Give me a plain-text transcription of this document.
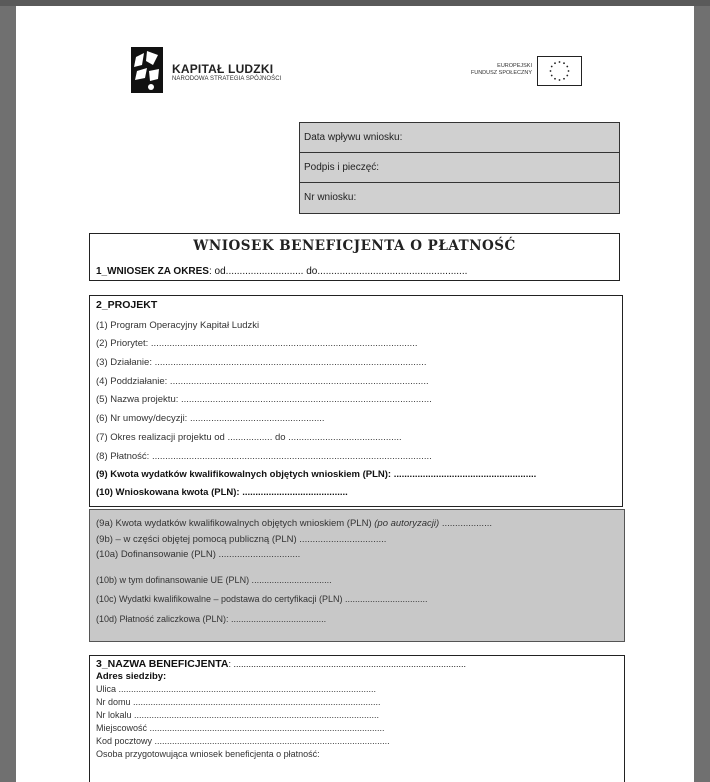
KAPITAŁ LUDZKI
NARODOWA STRATEGIA SPÓJNOŚCI
EUROPEJSKI
FUNDUSZ SPOŁECZNY
Data wpływu wniosku:
Podpis i pieczęć:
Nr wniosku:
WNIOSEK BENEFICJENTA O PŁATNOŚĆ
1_WNIOSEK ZA OKRES: od............................ do......................................................
2_PROJEKT
(1) Program Operacyjny Kapitał Ludzki
(2) Priorytet: .....................................................................................................
(3) Działanie: .......................................................................................................
(4) Poddziałanie: ..................................................................................................
(5) Nazwa projektu: ...............................................................................................
(6) Nr umowy/decyzji: ...................................................
(7) Okres realizacji projektu od ................. do ...........................................
(8) Płatność: ..........................................................................................................
(9) Kwota wydatków kwalifikowalnych objętych wnioskiem (PLN): ......................................................
(10) Wnioskowana kwota (PLN): ........................................
(9a) Kwota wydatków kwalifikowalnych objętych wnioskiem (PLN) (po autoryzacji) ...................
(9b) – w części objętej pomocą publiczną (PLN) .................................
(10a) Dofinansowanie (PLN) ...............................
(10b) w tym dofinansowanie UE (PLN) ................................
(10c) Wydatki kwalifikowalne – podstawa do certyfikacji (PLN) .................................
(10d) Płatność zaliczkowa (PLN): ......................................
3_NAZWA BENEFICJENTA: .............................................................................................
Adres siedziby:
Ulica .......................................................................................................
Nr domu ...................................................................................................
Nr lokalu ..................................................................................................
Miejscowość ..............................................................................................
Kod pocztowy ..............................................................................................
Osoba przygotowująca wniosek beneficjenta o płatność:
